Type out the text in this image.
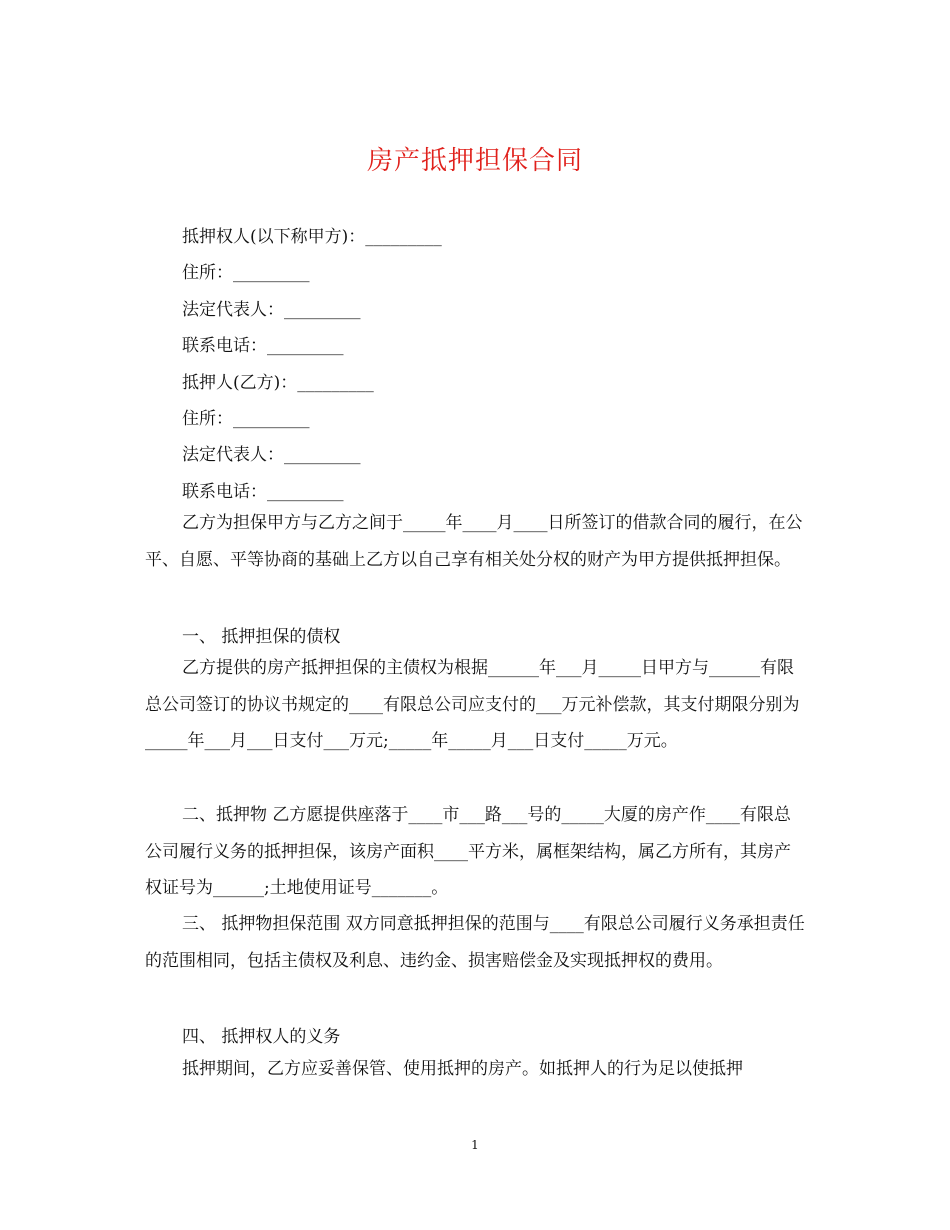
房产抵押担保合同
抵押权人(以下称甲方)：_________
住所：_________
法定代表人：_________
联系电话：_________
抵押人(乙方)：_________
住所：_________
法定代表人：_________
联系电话：_________
乙方为担保甲方与乙方之间于_____年____月____日所签订的借款合同的履行，在公平、自愿、平等协商的基础上乙方以自己享有相关处分权的财产为甲方提供抵押担保。
一、 抵押担保的债权
乙方提供的房产抵押担保的主债权为根据______年___月_____日甲方与______有限总公司签订的协议书规定的____有限总公司应支付的___万元补偿款，其支付期限分别为_____年___月___日支付___万元;_____年_____月___日支付_____万元。
二、抵押物 乙方愿提供座落于____市___路___号的_____大厦的房产作____有限总公司履行义务的抵押担保，该房产面积____平方米，属框架结构，属乙方所有，其房产权证号为______;土地使用证号_______。
三、 抵押物担保范围 双方同意抵押担保的范围与____有限总公司履行义务承担责任的范围相同，包括主债权及利息、违约金、损害赔偿金及实现抵押权的费用。
四、 抵押权人的义务
抵押期间，乙方应妥善保管、使用抵押的房产。如抵押人的行为足以使抵押
1
